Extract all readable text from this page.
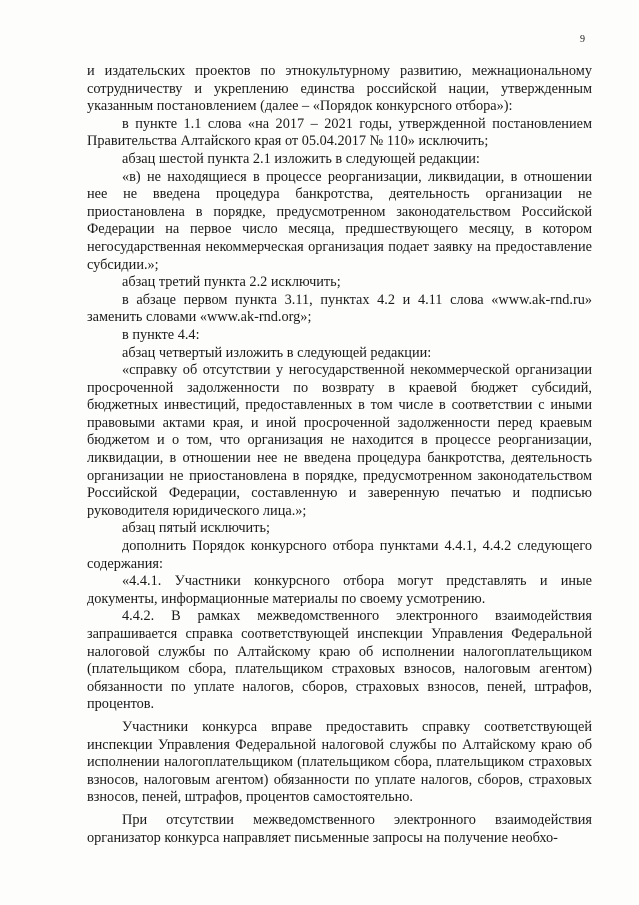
9

и издательских проектов по этнокультурному развитию, межнациональному сотрудничеству и укреплению единства российской нации, утвержденным указанным постановлением (далее – «Порядок конкурсного отбора»):

в пункте 1.1 слова «на 2017 – 2021 годы, утвержденной постановлением Правительства Алтайского края от 05.04.2017 № 110» исключить;

абзац шестой пункта 2.1 изложить в следующей редакции:

«в) не находящиеся в процессе реорганизации, ликвидации, в отношении нее не введена процедура банкротства, деятельность организации не приостановлена в порядке, предусмотренном законодательством Российской Федерации на первое число месяца, предшествующего месяцу, в котором негосударственная некоммерческая организация подает заявку на предоставление субсидии.»;

абзац третий пункта 2.2 исключить;

в абзаце первом пункта 3.11, пунктах 4.2 и 4.11 слова «www.ak-rnd.ru» заменить словами «www.ak-rnd.org»;

в пункте 4.4:

абзац четвертый изложить в следующей редакции:

«справку об отсутствии у негосударственной некоммерческой организации просроченной задолженности по возврату в краевой бюджет субсидий, бюджетных инвестиций, предоставленных в том числе в соответствии с иными правовыми актами края, и иной просроченной задолженности перед краевым бюджетом и о том, что организация не находится в процессе реорганизации, ликвидации, в отношении нее не введена процедура банкротства, деятельность организации не приостановлена в порядке, предусмотренном законодательством Российской Федерации, составленную и заверенную печатью и подписью руководителя юридического лица.»;

абзац пятый исключить;

дополнить Порядок конкурсного отбора пунктами 4.4.1, 4.4.2 следующего содержания:

«4.4.1. Участники конкурсного отбора могут представлять и иные документы, информационные материалы по своему усмотрению.

4.4.2. В рамках межведомственного электронного взаимодействия запрашивается справка соответствующей инспекции Управления Федеральной налоговой службы по Алтайскому краю об исполнении налогоплательщиком (плательщиком сбора, плательщиком страховых взносов, налоговым агентом) обязанности по уплате налогов, сборов, страховых взносов, пеней, штрафов, процентов.

Участники конкурса вправе предоставить справку соответствующей инспекции Управления Федеральной налоговой службы по Алтайскому краю об исполнении налогоплательщиком (плательщиком сбора, плательщиком страховых взносов, налоговым агентом) обязанности по уплате налогов, сборов, страховых взносов, пеней, штрафов, процентов самостоятельно.

При отсутствии межведомственного электронного взаимодействия организатор конкурса направляет письменные запросы на получение необхо-
